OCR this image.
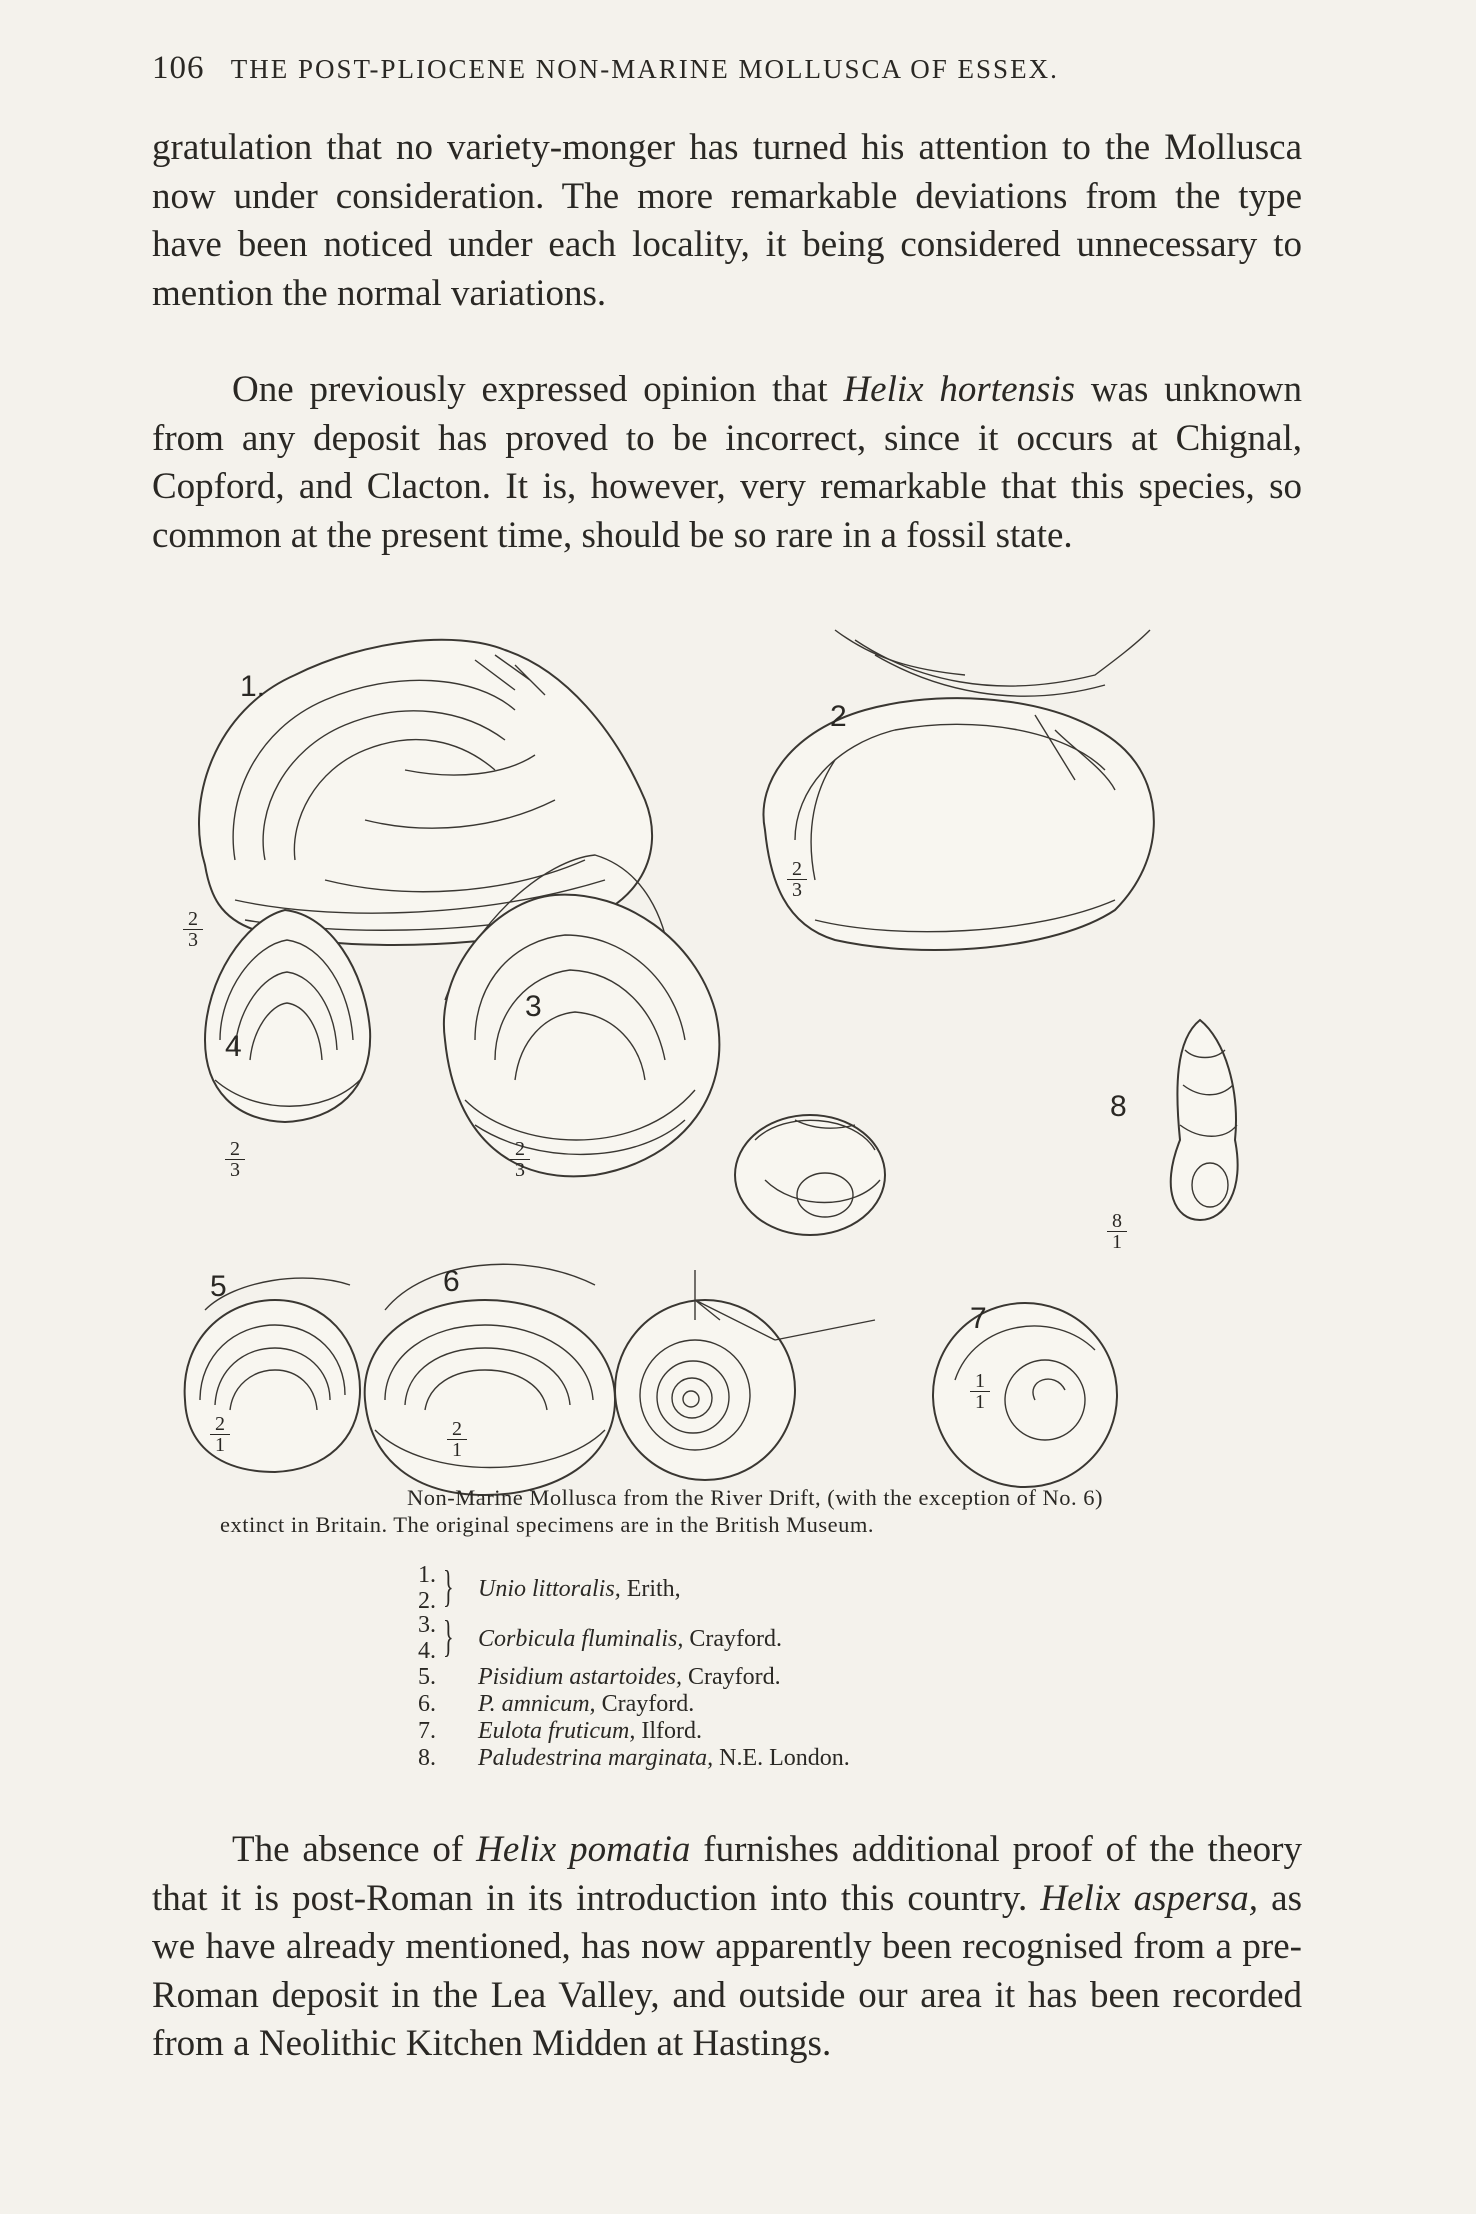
106 THE POST-PLIOCENE NON-MARINE MOLLUSCA OF ESSEX.

gratulation that no variety-monger has turned his attention to the Mollusca now under consideration. The more remarkable deviations from the type have been noticed under each locality, it being considered unnecessary to mention the normal variations.

One previously expressed opinion that Helix hortensis was unknown from any deposit has proved to be incorrect, since it occurs at Chignal, Copford, and Clacton. It is, however, very remarkable that this species, so common at the present time, should be so rare in a fossil state.

1.
2
3
4
5	6
7
8
2
3
2
3
2
3
2
3
2
1
2
1
1
1
8
1
Non-Marine Mollusca from the River Drift, (with the exception of No. 6)
extinct in Britain. The original specimens are in the British Museum.
1.
2. } Unio littoralis, Erith,
3.
4. } Corbicula fluminalis, Crayford.
5.	Pisidium astartoides, Crayford.
6.	P. amnicum, Crayford.
7.	Eulota fruticum, Ilford.
8.	Paludestrina marginata, N.E. London.

The absence of Helix pomatia furnishes additional proof of the theory that it is post-Roman in its introduction into this country. Helix aspersa, as we have already mentioned, has now apparently been recognised from a pre-Roman deposit in the Lea Valley, and outside our area it has been recorded from a Neolithic Kitchen Midden at Hastings.
